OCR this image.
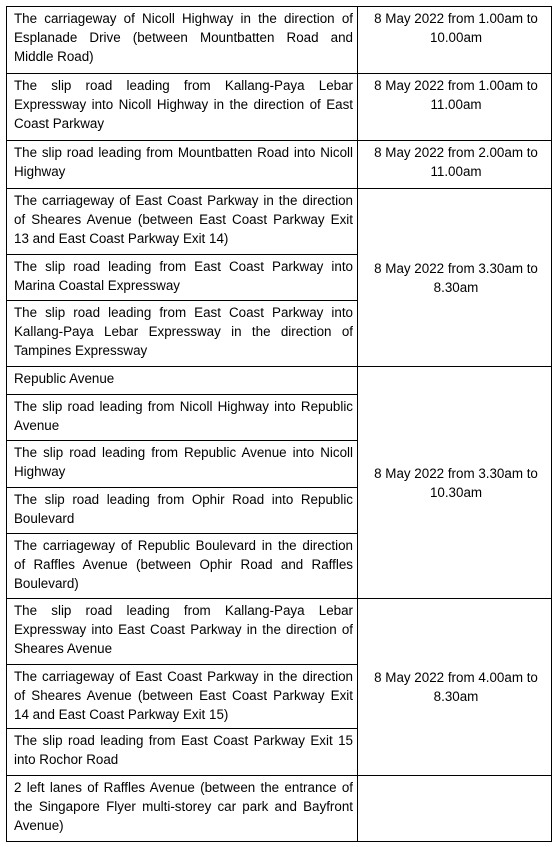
The carriageway of Nicoll Highway in the direction of Esplanade Drive (between Mountbatten Road and Middle Road)	8 May 2022 from 1.00am to 10.00am
The slip road leading from Kallang-Paya Lebar Expressway into Nicoll Highway in the direction of East Coast Parkway	8 May 2022 from 1.00am to 11.00am
The slip road leading from Mountbatten Road into Nicoll Highway	8 May 2022 from 2.00am to 11.00am
The carriageway of East Coast Parkway in the direction of Sheares Avenue (between East Coast Parkway Exit 13 and East Coast Parkway Exit 14)	8 May 2022 from 3.30am to 8.30am
The slip road leading from East Coast Parkway into Marina Coastal Expressway	
The slip road leading from East Coast Parkway into Kallang-Paya Lebar Expressway in the direction of Tampines Expressway	
Republic Avenue	8 May 2022 from 3.30am to 10.30am
The slip road leading from Nicoll Highway into Republic Avenue	
The slip road leading from Republic Avenue into Nicoll Highway	
The slip road leading from Ophir Road into Republic Boulevard	
The carriageway of Republic Boulevard in the direction of Raffles Avenue (between Ophir Road and Raffles Boulevard)	
The slip road leading from Kallang-Paya Lebar Expressway into East Coast Parkway in the direction of Sheares Avenue	8 May 2022 from 4.00am to 8.30am
The carriageway of East Coast Parkway in the direction of Sheares Avenue (between East Coast Parkway Exit 14 and East Coast Parkway Exit 15)	
The slip road leading from East Coast Parkway Exit 15 into Rochor Road	
2 left lanes of Raffles Avenue (between the entrance of the Singapore Flyer multi-storey car park and Bayfront Avenue)	
